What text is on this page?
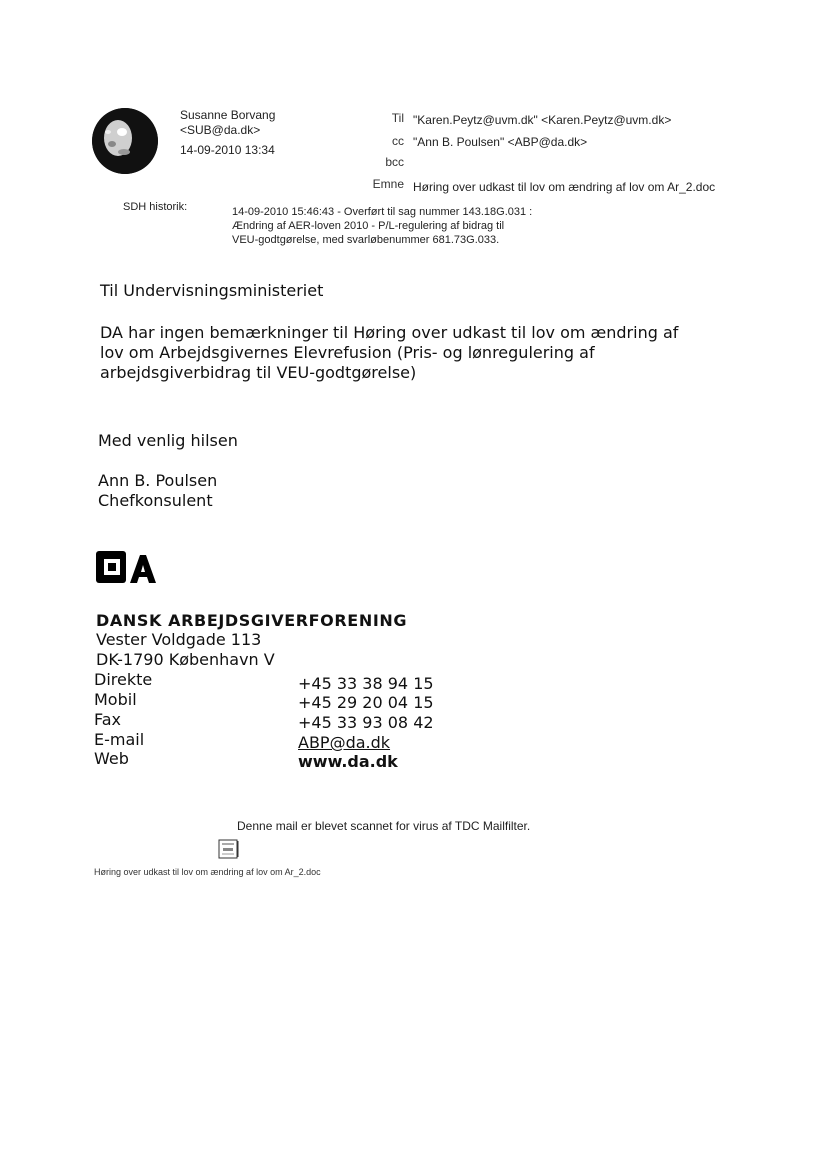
Susanne Borvang
<SUB@da.dk>
14-09-2010 13:34
Til "Karen.Peytz@uvm.dk" <Karen.Peytz@uvm.dk>
cc "Ann B. Poulsen" <ABP@da.dk>
bcc
Emne Høring over udkast til lov om ændring af lov om Ar_2.doc
SDH historik:	14-09-2010 15:46:43 - Overført til sag nummer 143.18G.031 :
Ændring af AER-loven 2010 - P/L-regulering af bidrag til
VEU-godtgørelse, med svarløbenummer 681.73G.033.
Til Undervisningsministeriet
DA har ingen bemærkninger til Høring over udkast til lov om ændring af
lov om Arbejdsgivernes Elevrefusion (Pris- og lønregulering af
arbejdsgiverbidrag til VEU-godtgørelse)
Med venlig hilsen
Ann B. Poulsen
Chefkonsulent
DANSK ARBEJDSGIVERFORENING
Vester Voldgade 113
DK-1790 København V
Direkte	+45 33 38 94 15
Mobil	+45 29 20 04 15
Fax	+45 33 93 08 42
E-mail	ABP@da.dk
Web	www.da.dk
Denne mail er blevet scannet for virus af TDC Mailfilter.
Høring over udkast til lov om ændring af lov om Ar_2.doc
